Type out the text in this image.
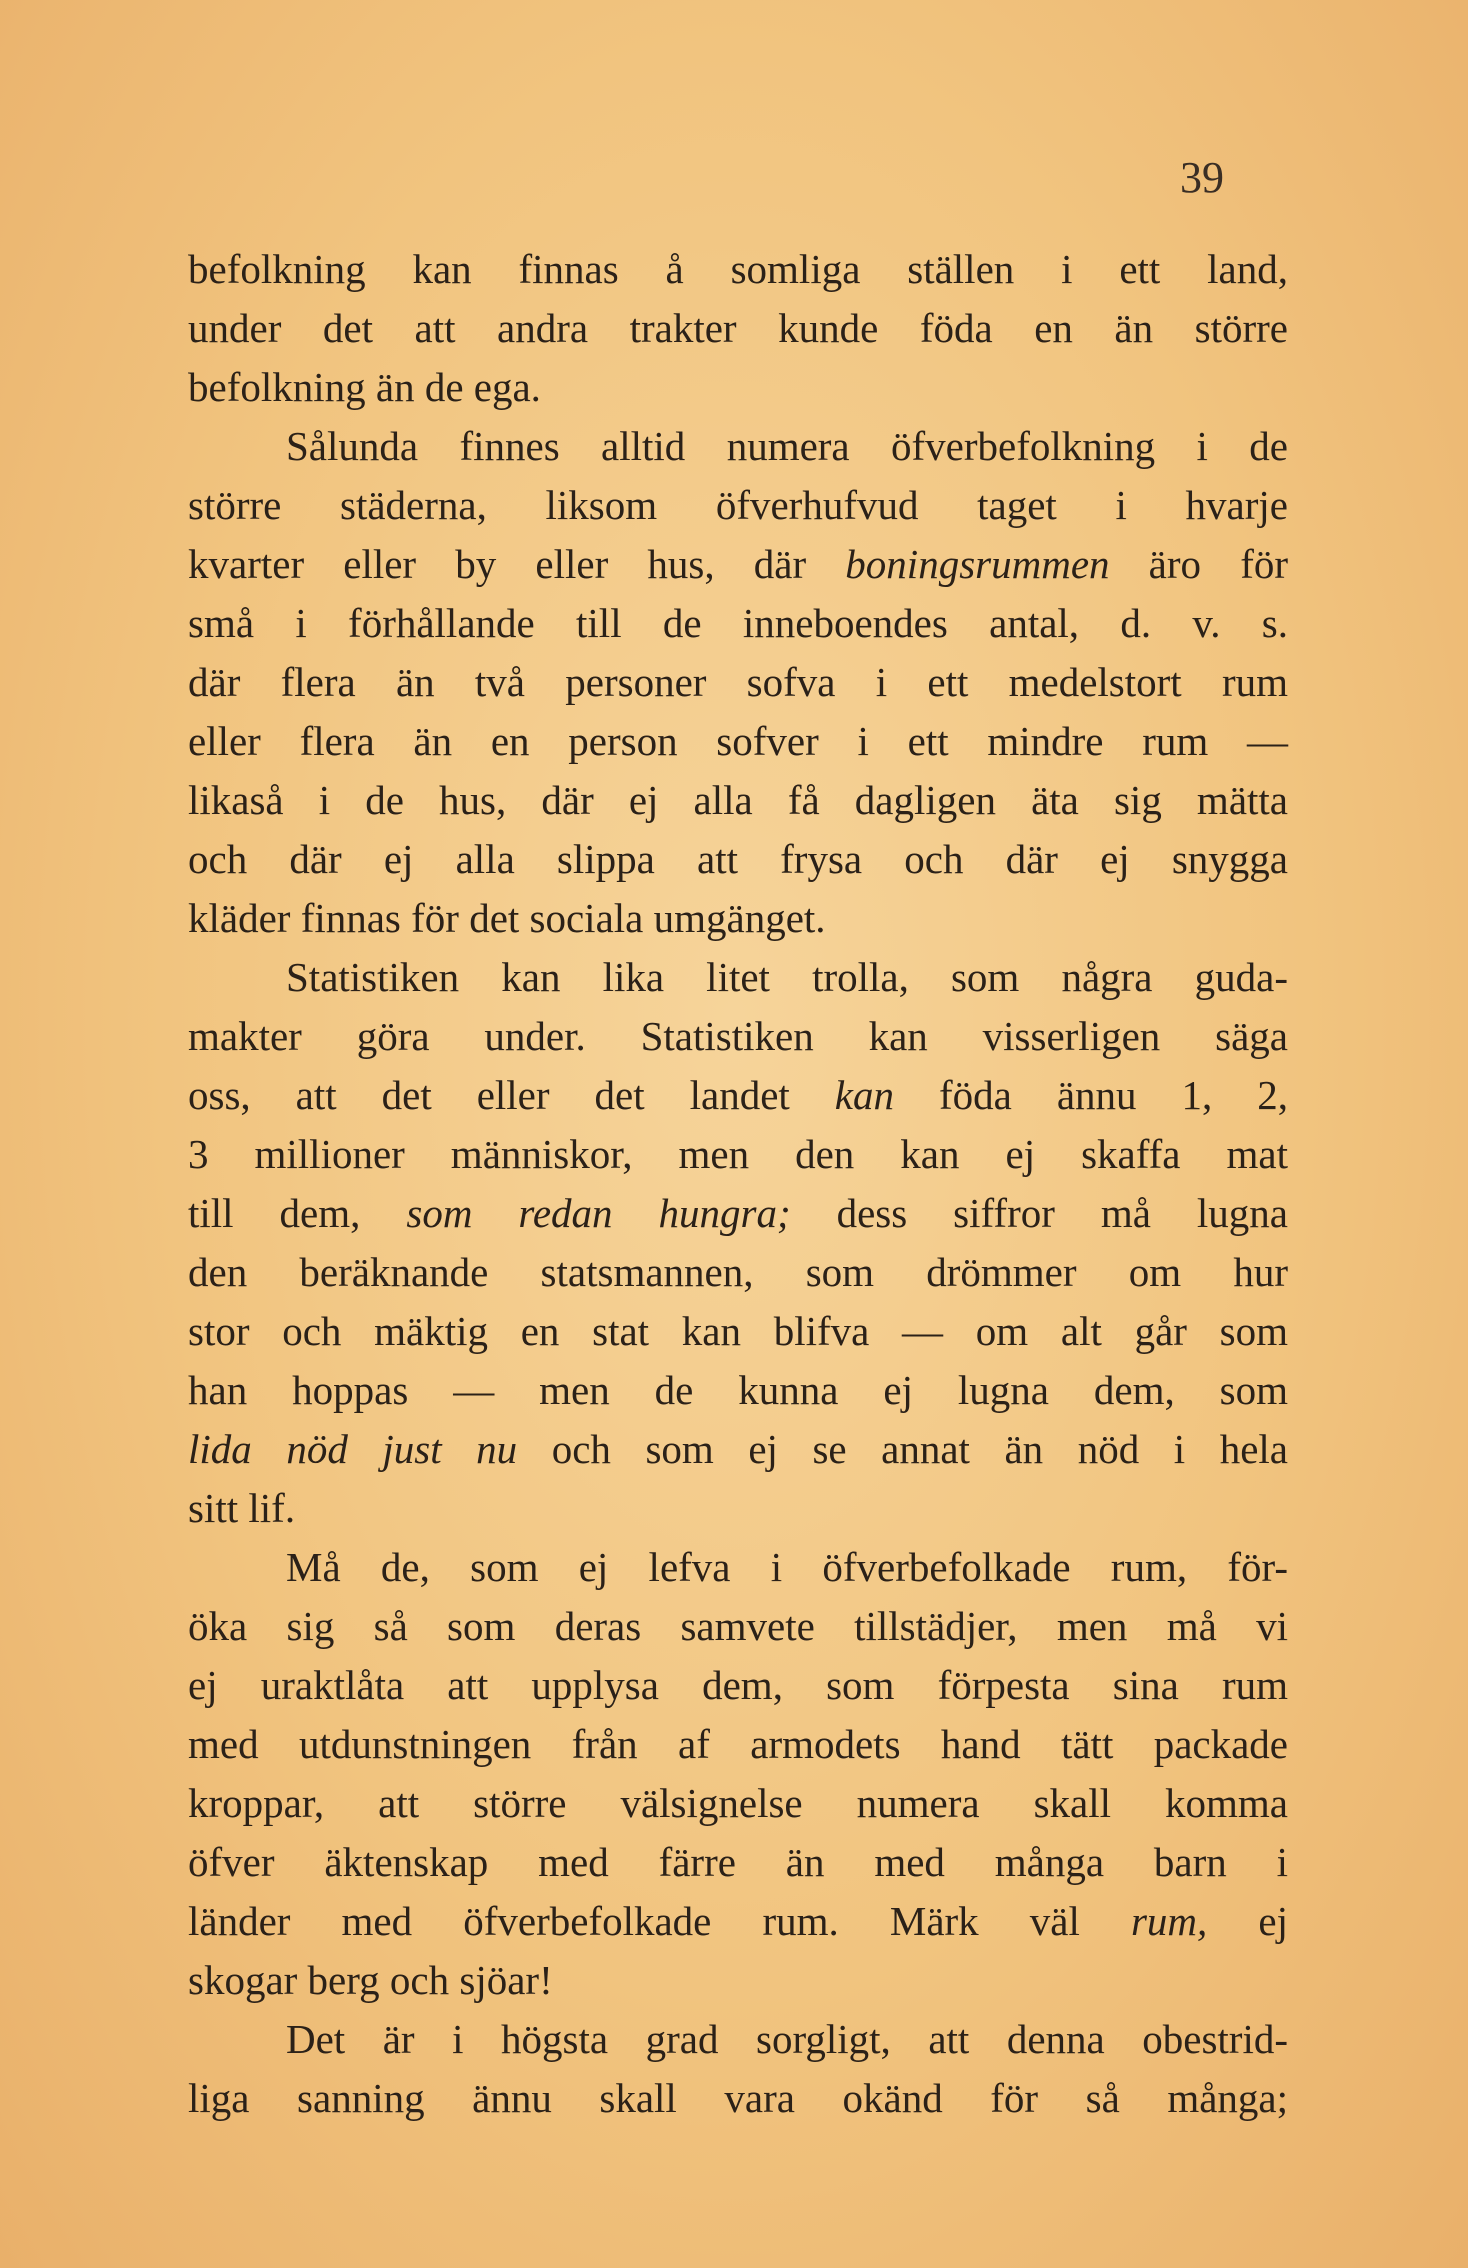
39
befolkning kan finnas å somliga ställen i ett land,
under det att andra trakter kunde föda en än större
befolkning än de ega.
Sålunda finnes alltid numera öfverbefolkning i de
större städerna, liksom öfverhufvud taget i hvarje
kvarter eller by eller hus, där boningsrummen äro för
små i förhållande till de inneboendes antal, d. v. s.
där flera än två personer sofva i ett medelstort rum
eller flera än en person sofver i ett mindre rum —
likaså i de hus, där ej alla få dagligen äta sig mätta
och där ej alla slippa att frysa och där ej snygga
kläder finnas för det sociala umgänget.
Statistiken kan lika litet trolla, som några guda-
makter göra under. Statistiken kan visserligen säga
oss, att det eller det landet kan föda ännu 1, 2,
3 millioner människor, men den kan ej skaffa mat
till dem, som redan hungra; dess siffror må lugna
den beräknande statsmannen, som drömmer om hur
stor och mäktig en stat kan blifva — om alt går som
han hoppas — men de kunna ej lugna dem, som
lida nöd just nu och som ej se annat än nöd i hela
sitt lif.
Må de, som ej lefva i öfverbefolkade rum, för-
öka sig så som deras samvete tillstädjer, men må vi
ej uraktlåta att upplysa dem, som förpesta sina rum
med utdunstningen från af armodets hand tätt packade
kroppar, att större välsignelse numera skall komma
öfver äktenskap med färre än med många barn i
länder med öfverbefolkade rum. Märk väl rum, ej
skogar berg och sjöar!
Det är i högsta grad sorgligt, att denna obestrid-
liga sanning ännu skall vara okänd för så många;
